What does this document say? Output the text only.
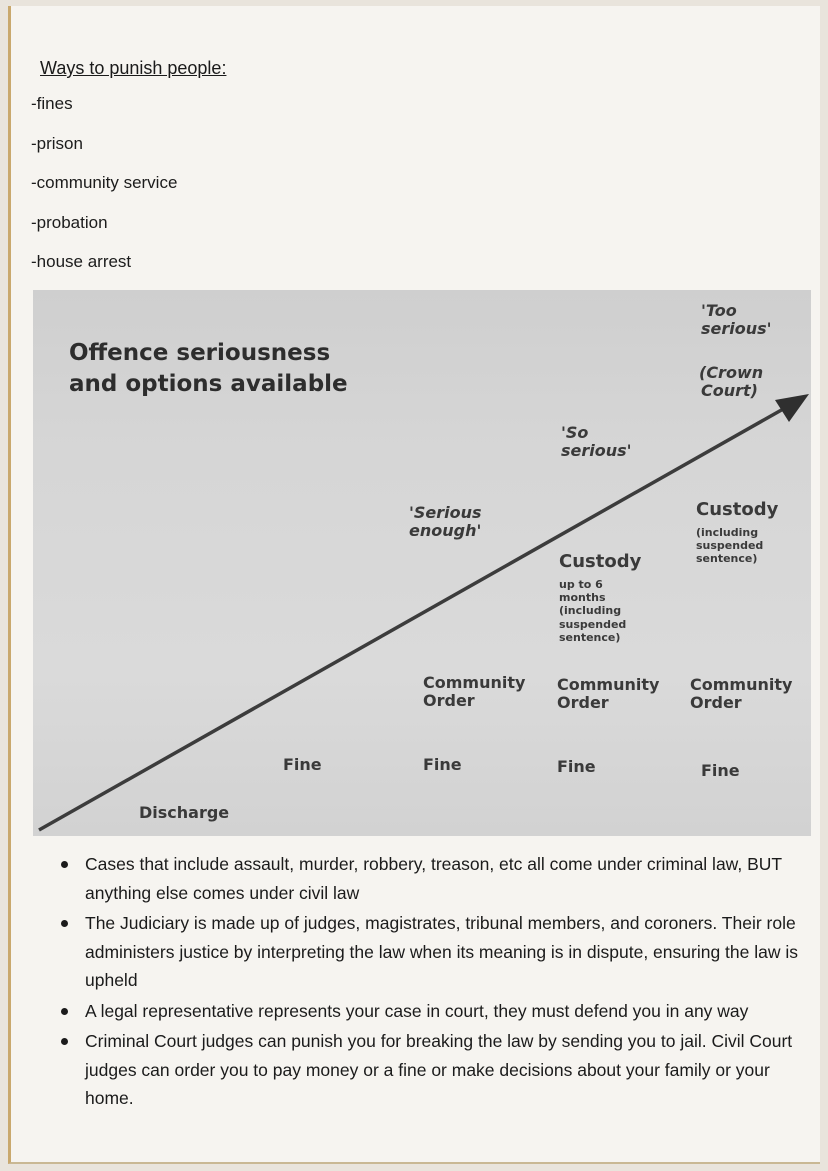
Ways to punish people:
-fines
-prison
-community service
-probation
-house arrest
Offence seriousness
and options available
'Too
serious'
(Crown
Court)
'So
serious'
'Serious
enough'
Custody
(including
suspended
sentence)
Custody
up to 6
months
(including
suspended
sentence)
Community
Order
Community
Order
Community
Order
Fine	Fine	Fine	Fine
Discharge
Cases that include assault, murder, robbery, treason, etc all come under criminal law, BUT anything else comes under civil law
The Judiciary is made up of judges, magistrates, tribunal members, and coroners. Their role administers justice by interpreting the law when its meaning is in dispute, ensuring the law is upheld
A legal representative represents your case in court, they must defend you in any way
Criminal Court judges can punish you for breaking the law by sending you to jail. Civil Court judges can order you to pay money or a fine or make decisions about your family or your home.
